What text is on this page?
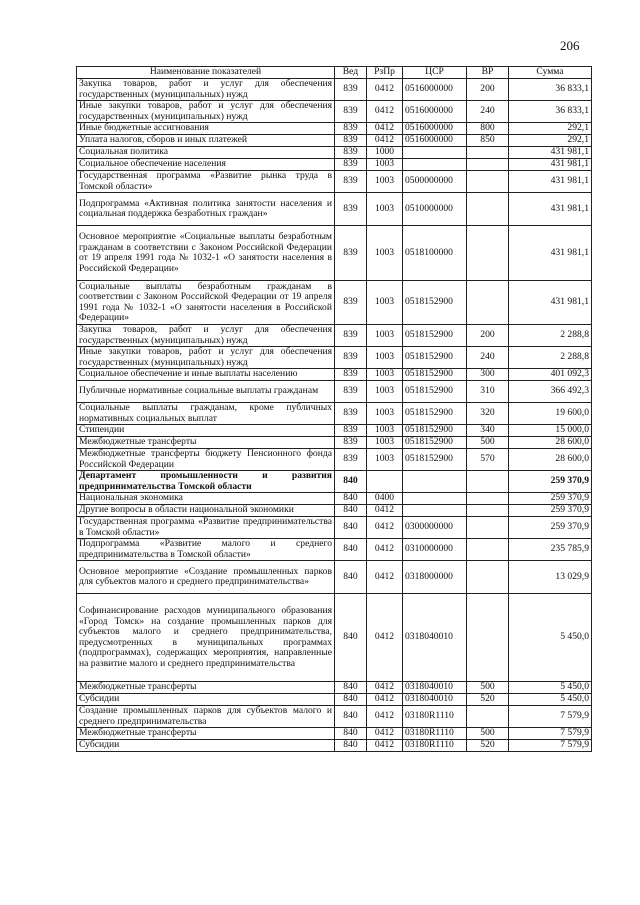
206
Наименование показателей	Вед	РзПр	ЦСР	ВР	Сумма
Закупка товаров, работ и услуг для обеспечения государственных (муниципальных) нужд	839	0412	0516000000	200	36 833,1
Иные закупки товаров, работ и услуг для обеспечения государственных (муниципальных) нужд	839	0412	0516000000	240	36 833,1
Иные бюджетные ассигнования	839	0412	0516000000	800	292,1
Уплата налогов, сборов и иных платежей	839	0412	0516000000	850	292,1
Социальная политика	839	1000			431 981,1
Социальное обеспечение населения	839	1003			431 981,1
Государственная программа «Развитие рынка труда в Томской области»	839	1003	0500000000		431 981,1
Подпрограмма «Активная политика занятости населения и социальная поддержка безработных граждан»	839	1003	0510000000		431 981,1
Основное мероприятие «Социальные выплаты безработным гражданам в соответствии с Законом Российской Федерации от 19 апреля 1991 года № 1032-1 «О занятости населения в Российской Федерации»	839	1003	0518100000		431 981,1
Социальные выплаты безработным гражданам в соответствии с Законом Российской Федерации от 19 апреля 1991 года № 1032-1 «О занятости населения в Российской Федерации»	839	1003	0518152900		431 981,1
Закупка товаров, работ и услуг для обеспечения государственных (муниципальных) нужд	839	1003	0518152900	200	2 288,8
Иные закупки товаров, работ и услуг для обеспечения государственных (муниципальных) нужд	839	1003	0518152900	240	2 288,8
Социальное обеспечение и иные выплаты населению	839	1003	0518152900	300	401 092,3
Публичные нормативные социальные выплаты гражданам	839	1003	0518152900	310	366 492,3
Социальные выплаты гражданам, кроме публичных нормативных социальных выплат	839	1003	0518152900	320	19 600,0
Стипендии	839	1003	0518152900	340	15 000,0
Межбюджетные трансферты	839	1003	0518152900	500	28 600,0
Межбюджетные трансферты бюджету Пенсионного фонда Российской Федерации	839	1003	0518152900	570	28 600,0
Департамент промышленности и развития предпринимательства Томской области	840				259 370,9
Национальная экономика	840	0400			259 370,9
Другие вопросы в области национальной экономики	840	0412			259 370,9
Государственная программа «Развитие предпринимательства в Томской области»	840	0412	0300000000		259 370,9
Подпрограмма «Развитие малого и среднего предпринимательства в Томской области»	840	0412	0310000000		235 785,9
Основное мероприятие «Создание промышленных парков для субъектов малого и среднего предпринимательства»	840	0412	0318000000		13 029,9
Софинансирование расходов муниципального образования «Город Томск» на создание промышленных парков для субъектов малого и среднего предпринимательства, предусмотренных в муниципальных программах (подпрограммах), содержащих мероприятия, направленные на развитие малого и среднего предпринимательства	840	0412	0318040010		5 450,0
Межбюджетные трансферты	840	0412	0318040010	500	5 450,0
Субсидии	840	0412	0318040010	520	5 450,0
Создание промышленных парков для субъектов малого и среднего предпринимательства	840	0412	03180R1110		7 579,9
Межбюджетные трансферты	840	0412	03180R1110	500	7 579,9
Субсидии	840	0412	03180R1110	520	7 579,9
